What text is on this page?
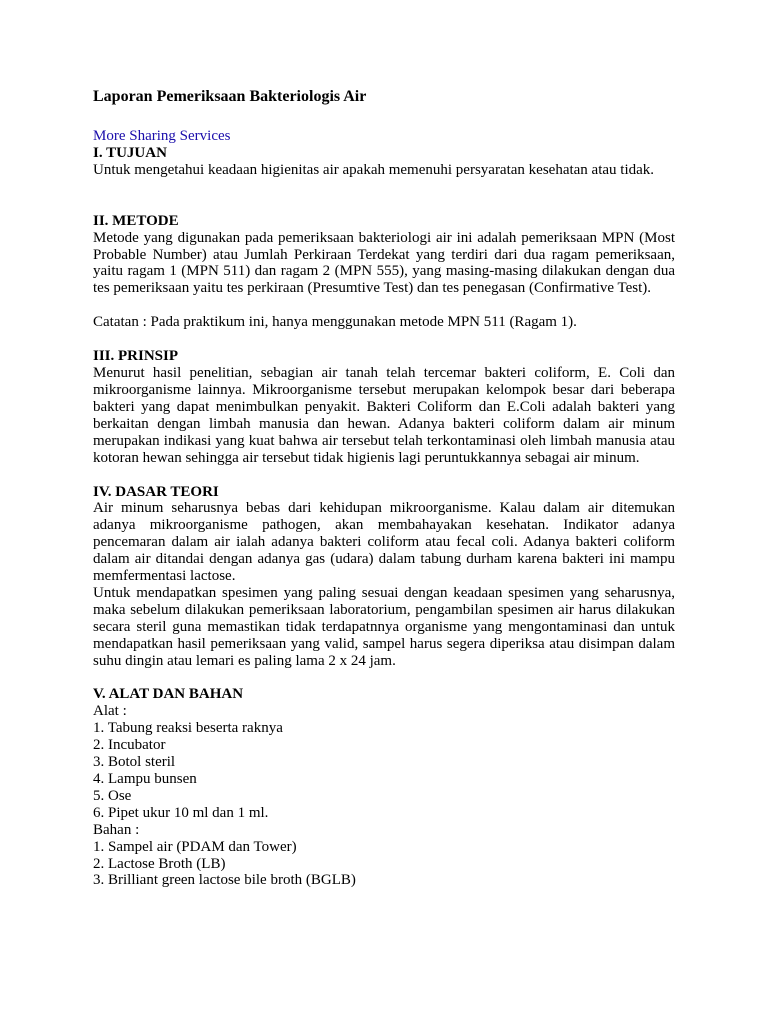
Laporan Pemeriksaan Bakteriologis Air

More Sharing Services
I. TUJUAN

Untuk mengetahui keadaan higienitas air apakah memenuhi persyaratan kesehatan atau tidak.

II. METODE

Metode yang digunakan pada pemeriksaan bakteriologi air ini adalah pemeriksaan MPN (Most Probable Number) atau Jumlah Perkiraan Terdekat yang terdiri dari dua ragam pemeriksaan, yaitu ragam 1 (MPN 511) dan ragam 2 (MPN 555), yang masing-masing dilakukan dengan dua tes pemeriksaan yaitu tes perkiraan (Presumtive Test) dan tes penegasan (Confirmative Test).

Catatan : Pada praktikum ini, hanya menggunakan metode MPN 511 (Ragam 1).

III. PRINSIP

Menurut hasil penelitian, sebagian air tanah telah tercemar bakteri coliform, E. Coli dan mikroorganisme lainnya. Mikroorganisme tersebut merupakan kelompok besar dari beberapa bakteri yang dapat menimbulkan penyakit. Bakteri Coliform dan E.Coli adalah bakteri yang berkaitan dengan limbah manusia dan hewan. Adanya bakteri coliform dalam air minum merupakan indikasi yang kuat bahwa air tersebut telah terkontaminasi oleh limbah manusia atau kotoran hewan sehingga air tersebut tidak higienis lagi peruntukkannya sebagai air minum.

IV. DASAR TEORI

Air minum seharusnya bebas dari kehidupan mikroorganisme. Kalau dalam air ditemukan adanya mikroorganisme pathogen, akan membahayakan kesehatan. Indikator adanya pencemaran dalam air ialah adanya bakteri coliform atau fecal coli. Adanya bakteri coliform dalam air ditandai dengan adanya gas (udara) dalam tabung durham karena bakteri ini mampu memfermentasi lactose.

Untuk mendapatkan spesimen yang paling sesuai dengan keadaan spesimen yang seharusnya, maka sebelum dilakukan pemeriksaan laboratorium, pengambilan spesimen air harus dilakukan secara steril guna memastikan tidak terdapatnnya organisme yang mengontaminasi dan untuk mendapatkan hasil pemeriksaan yang valid, sampel harus segera diperiksa atau disimpan dalam suhu dingin atau lemari es paling lama 2 x 24 jam.

V. ALAT DAN BAHAN
Alat :
1. Tabung reaksi beserta raknya
2. Incubator
3. Botol steril
4. Lampu bunsen
5. Ose
6. Pipet ukur 10 ml dan 1 ml.
Bahan :
1. Sampel air (PDAM dan Tower)
2. Lactose Broth (LB)
3. Brilliant green lactose bile broth (BGLB)
